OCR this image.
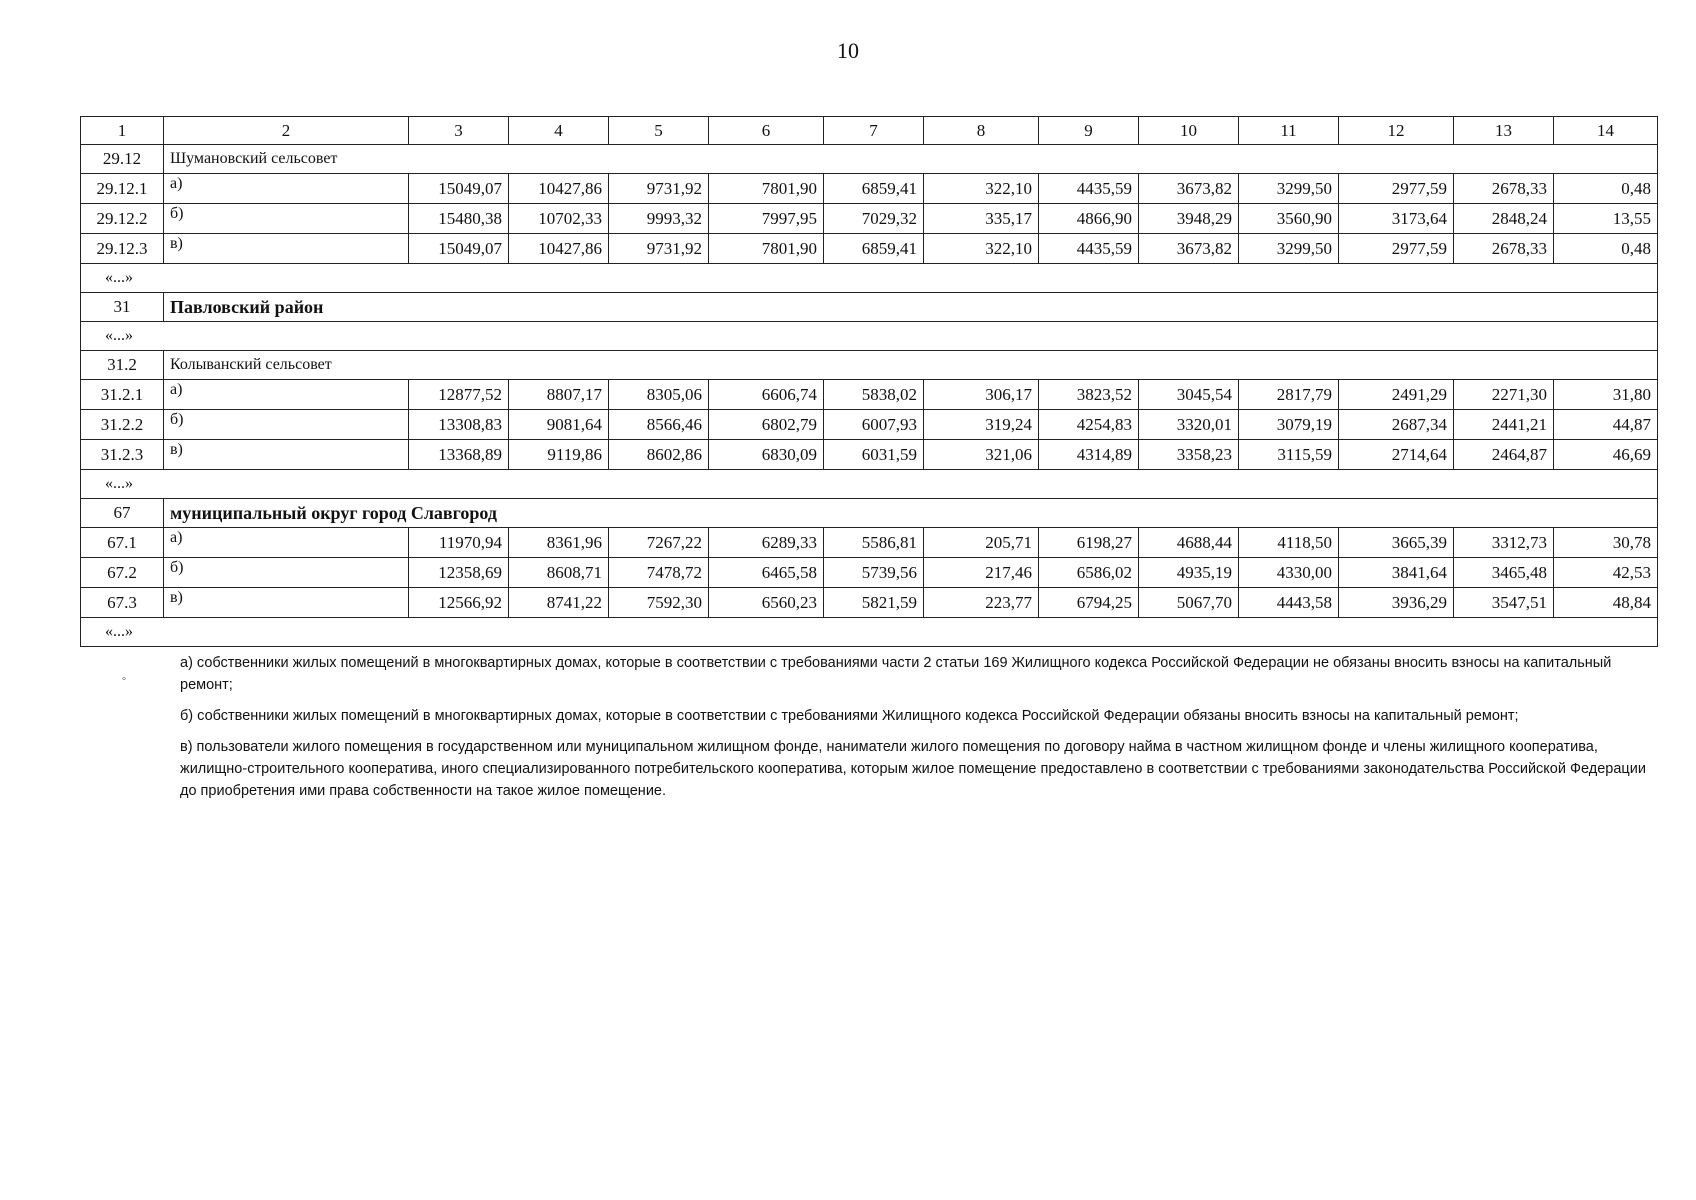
10
1	2	3	4	5	6	7	8	9	10	11	12	13	14
29.12	Шумановский сельсовет												
29.12.1	а)	15049,07	10427,86	9731,92	7801,90	6859,41	322,10	4435,59	3673,82	3299,50	2977,59	2678,33	0,48
29.12.2	б)	15480,38	10702,33	9993,32	7997,95	7029,32	335,17	4866,90	3948,29	3560,90	3173,64	2848,24	13,55
29.12.3	в)	15049,07	10427,86	9731,92	7801,90	6859,41	322,10	4435,59	3673,82	3299,50	2977,59	2678,33	0,48
«...»													
31	Павловский район												
«...»													
31.2	Колыванский сельсовет												
31.2.1	а)	12877,52	8807,17	8305,06	6606,74	5838,02	306,17	3823,52	3045,54	2817,79	2491,29	2271,30	31,80
31.2.2	б)	13308,83	9081,64	8566,46	6802,79	6007,93	319,24	4254,83	3320,01	3079,19	2687,34	2441,21	44,87
31.2.3	в)	13368,89	9119,86	8602,86	6830,09	6031,59	321,06	4314,89	3358,23	3115,59	2714,64	2464,87	46,69
«...»													
67	муниципальный округ город Славгород												
67.1	а)	11970,94	8361,96	7267,22	6289,33	5586,81	205,71	6198,27	4688,44	4118,50	3665,39	3312,73	30,78
67.2	б)	12358,69	8608,71	7478,72	6465,58	5739,56	217,46	6586,02	4935,19	4330,00	3841,64	3465,48	42,53
67.3	в)	12566,92	8741,22	7592,30	6560,23	5821,59	223,77	6794,25	5067,70	4443,58	3936,29	3547,51	48,84
«...»													
°

а) собственники жилых помещений в многоквартирных домах, которые в соответствии с требованиями части 2 статьи 169 Жилищного кодекса Российской Федерации не обязаны вносить взносы на капитальный ремонт;

б) собственники жилых помещений в многоквартирных домах, которые в соответствии с требованиями Жилищного кодекса Российской Федерации обязаны вносить взносы на капитальный ремонт;

в) пользователи жилого помещения в государственном или муниципальном жилищном фонде, наниматели жилого помещения по договору найма в частном жилищном фонде и члены жилищного кооператива, жилищно-строительного кооператива, иного специализированного потребительского кооператива, которым жилое помещение предоставлено в соответствии с требованиями законодательства Российской Федерации до приобретения ими права собственности на такое жилое помещение.
